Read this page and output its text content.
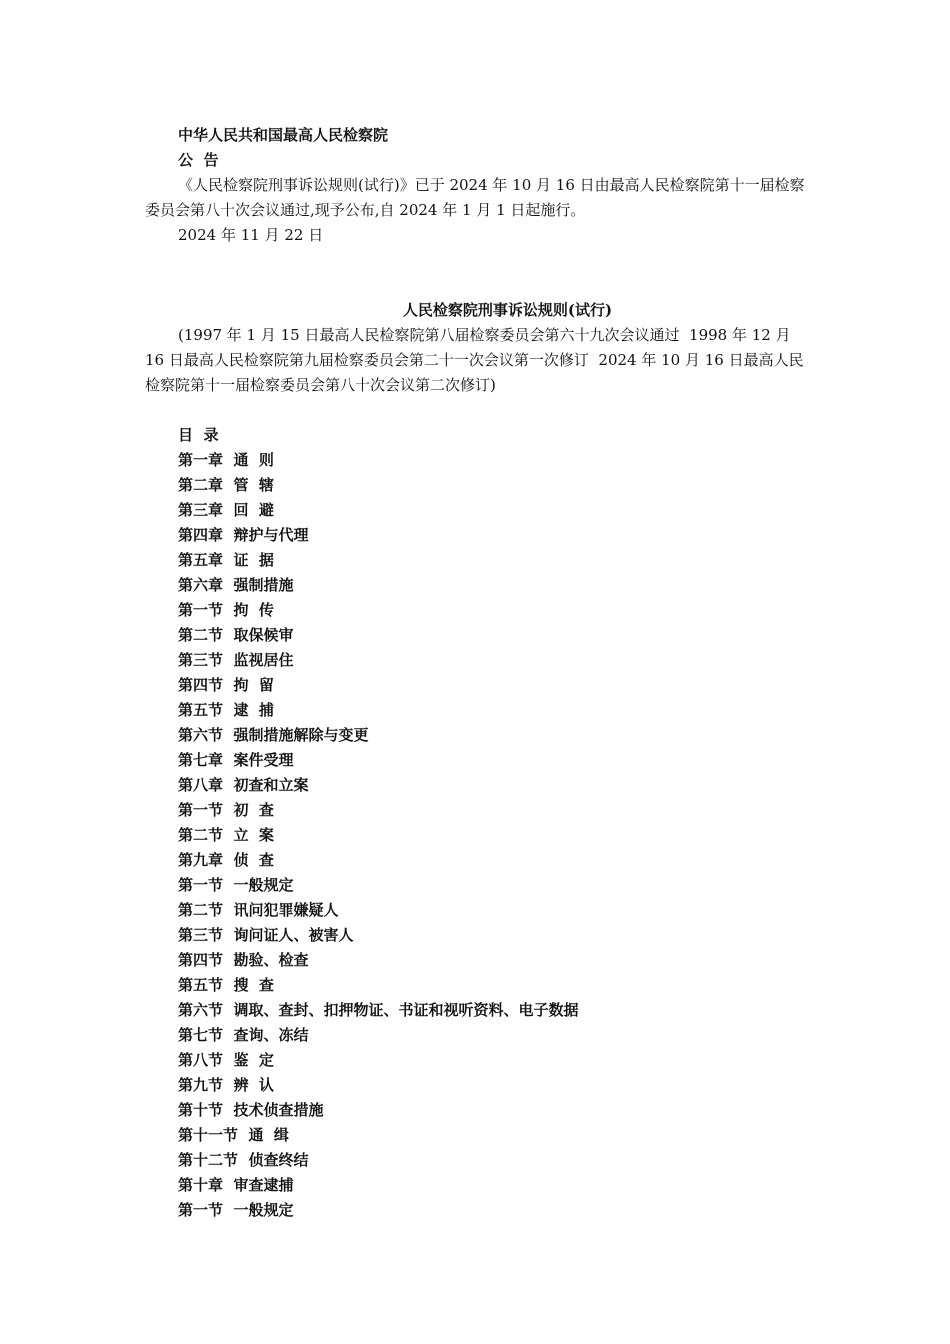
中华人民共和国最高人民检察院
公  告
《人民检察院刑事诉讼规则(试行)》已于 2024 年 10 月 16 日由最高人民检察院第十一届检察委员会第八十次会议通过,现予公布,自 2024 年 1 月 1 日起施行。
2024 年 11 月 22 日
人民检察院刑事诉讼规则(试行)
(1997 年 1 月 15 日最高人民检察院第八届检察委员会第六十九次会议通过  1998 年 12 月 16 日最高人民检察院第九届检察委员会第二十一次会议第一次修订  2024 年 10 月 16 日最高人民检察院第十一届检察委员会第八十次会议第二次修订)
目  录
第一章  通  则
第二章  管  辖
第三章  回  避
第四章  辩护与代理
第五章  证  据
第六章  强制措施
第一节  拘  传
第二节  取保候审
第三节  监视居住
第四节  拘  留
第五节  逮  捕
第六节  强制措施解除与变更
第七章  案件受理
第八章  初查和立案
第一节  初  查
第二节  立  案
第九章  侦  查
第一节  一般规定
第二节  讯问犯罪嫌疑人
第三节  询问证人、被害人
第四节  勘验、检查
第五节  搜  查
第六节  调取、查封、扣押物证、书证和视听资料、电子数据
第七节  查询、冻结
第八节  鉴  定
第九节  辨  认
第十节  技术侦查措施
第十一节  通  缉
第十二节  侦查终结
第十章  审查逮捕
第一节  一般规定
